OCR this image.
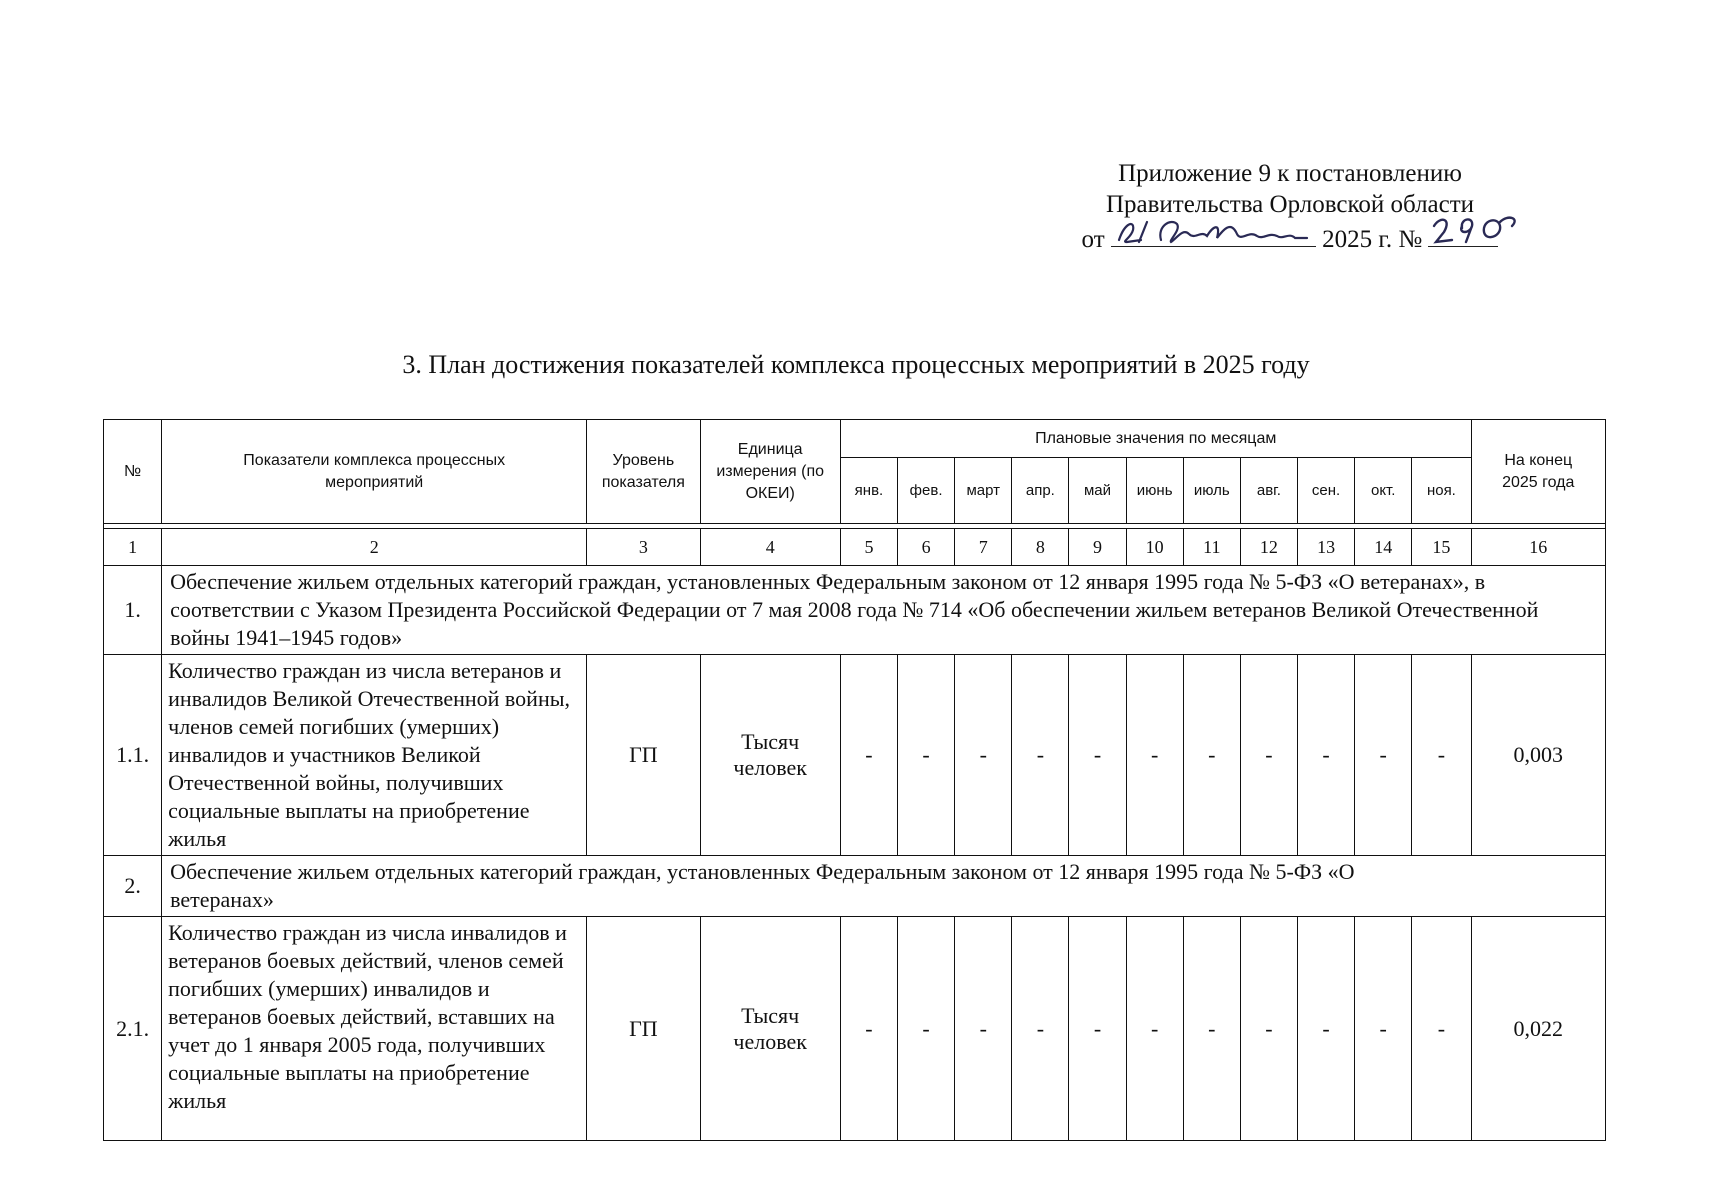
Приложение 9 к постановлению
Правительства Орловской области
от	2025 г. №
3. План достижения показателей комплекса процессных мероприятий в 2025 году
№	Показатели комплекса процессных мероприятий	Уровень показателя	Единица измерения (по ОКЕИ)	Плановые значения по месяцам											На конец 2025 года
				янв.	фев.	март	апр.	май	июнь	июль	авг.	сен.	окт.	ноя.	

1	2	3	4	5	6	7	8	9	10	11	12	13	14	15	16
1.	Обеспечение жильем отдельных категорий граждан, установленных Федеральным законом от 12 января 1995 года № 5-ФЗ «О ветеранах», в соответствии с Указом Президента Российской Федерации от 7 мая 2008 года № 714 «Об обеспечении жильем ветеранов Великой Отечественной войны 1941–1945 годов»														
1.1.	Количество граждан из числа ветеранов и инвалидов Великой Отечественной войны, членов семей погибших (умерших) инвалидов и участников Великой Отечественной войны, получивших социальные выплаты на приобретение жилья	ГП	Тысяч человек	-	-	-	-	-	-	-	-	-	-	-	0,003
2.	Обеспечение жильем отдельных категорий граждан, установленных Федеральным законом от 12 января 1995 года № 5-ФЗ «О ветеранах»														
2.1.	Количество граждан из числа инвалидов и ветеранов боевых действий, членов семей погибших (умерших) инвалидов и ветеранов боевых действий, вставших на учет до 1 января 2005 года, получивших социальные выплаты на приобретение жилья	ГП	Тысяч человек	-	-	-	-	-	-	-	-	-	-	-	0,022
